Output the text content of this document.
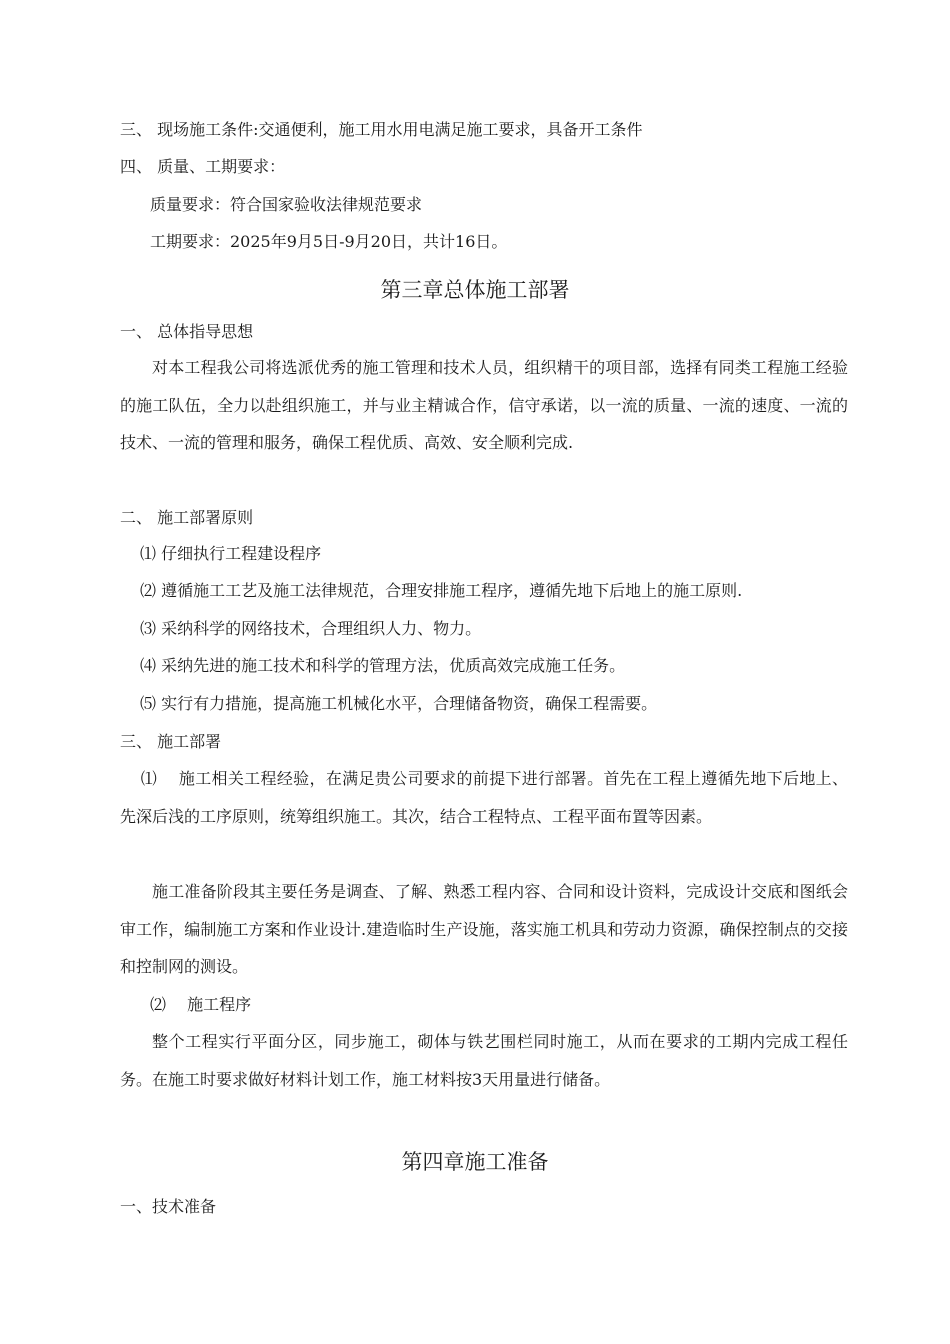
三、 现场施工条件:交通便利，施工用水用电满足施工要求，具备开工条件
四、 质量、工期要求：
质量要求：符合国家验收法律规范要求
工期要求：2025年9月5日-9月20日，共计16日。
第三章总体施工部署
一、 总体指导思想
对本工程我公司将选派优秀的施工管理和技术人员，组织精干的项目部，选择有同类工程施工经验的施工队伍，全力以赴组织施工，并与业主精诚合作，信守承诺，以一流的质量、一流的速度、一流的技术、一流的管理和服务，确保工程优质、高效、安全顺利完成.
二、 施工部署原则
⑴ 仔细执行工程建设程序
⑵ 遵循施工工艺及施工法律规范，合理安排施工程序，遵循先地下后地上的施工原则.
⑶ 采纳科学的网络技术，合理组织人力、物力。
⑷ 采纳先进的施工技术和科学的管理方法，优质高效完成施工任务。
⑸ 实行有力措施，提高施工机械化水平，合理储备物资，确保工程需要。
三、 施工部署
⑴　 施工相关工程经验，在满足贵公司要求的前提下进行部署。首先在工程上遵循先地下后地上、先深后浅的工序原则，统筹组织施工。其次，结合工程特点、工程平面布置等因素。
施工准备阶段其主要任务是调查、了解、熟悉工程内容、合同和设计资料，完成设计交底和图纸会审工作，编制施工方案和作业设计.建造临时生产设施，落实施工机具和劳动力资源，确保控制点的交接和控制网的测设。
⑵　 施工程序
整个工程实行平面分区，同步施工，砌体与铁艺围栏同时施工，从而在要求的工期内完成工程任务。在施工时要求做好材料计划工作，施工材料按3天用量进行储备。
第四章施工准备
一、技术准备
